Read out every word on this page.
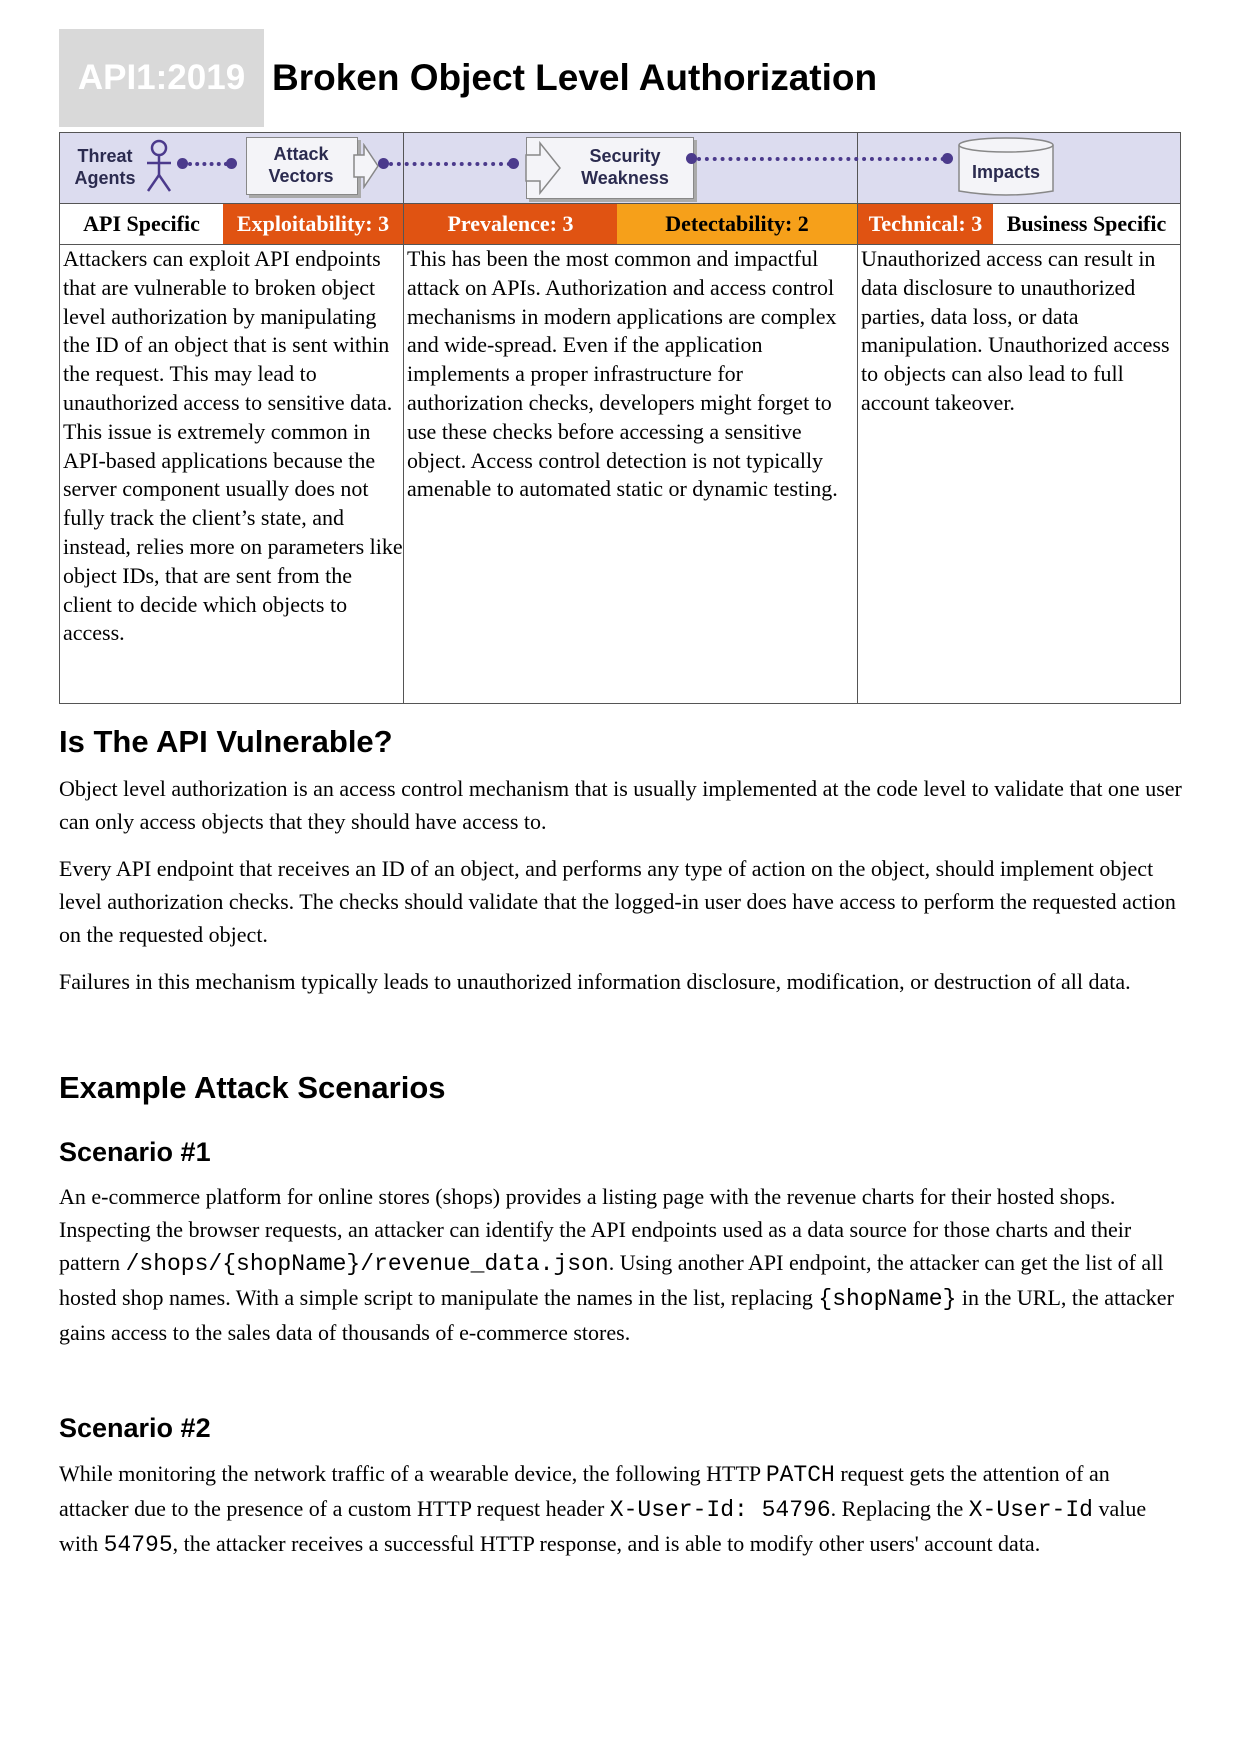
API1:2019 Broken Object Level Authorization
Threat
Agents
Attack
Vectors
Security
Weakness	Impacts
API Specific	Exploitability: 3	Prevalence: 3	Detectability: 2	Technical: 3	Business Specific
Attackers can exploit API endpoints that are vulnerable to broken object level authorization by manipulating the ID of an object that is sent within the request. This may lead to unauthorized access to sensitive data. This issue is extremely common in API-based applications because the server component usually does not fully track the client’s state, and instead, relies more on parameters like object IDs, that are sent from the client to decide which objects to access.
This has been the most common and impactful attack on APIs. Authorization and access control mechanisms in modern applications are complex and wide-spread. Even if the application implements a proper infrastructure for authorization checks, developers might forget to use these checks before accessing a sensitive object. Access control detection is not typically amenable to automated static or dynamic testing.
Unauthorized access can result in data disclosure to unauthorized parties, data loss, or data manipulation. Unauthorized access to objects can also lead to full account takeover.
Is The API Vulnerable?
Object level authorization is an access control mechanism that is usually implemented at the code level to validate that one user can only access objects that they should have access to.
Every API endpoint that receives an ID of an object, and performs any type of action on the object, should implement object level authorization checks. The checks should validate that the logged-in user does have access to perform the requested action on the requested object.
Failures in this mechanism typically leads to unauthorized information disclosure, modification, or destruction of all data.
Example Attack Scenarios
Scenario #1
An e-commerce platform for online stores (shops) provides a listing page with the revenue charts for their hosted shops. Inspecting the browser requests, an attacker can identify the API endpoints used as a data source for those charts and their pattern /shops/{shopName}/revenue_data.json. Using another API endpoint, the attacker can get the list of all hosted shop names. With a simple script to manipulate the names in the list, replacing {shopName} in the URL, the attacker gains access to the sales data of thousands of e-commerce stores.
Scenario #2
While monitoring the network traffic of a wearable device, the following HTTP PATCH request gets the attention of an attacker due to the presence of a custom HTTP request header X-User-Id: 54796. Replacing the X-User-Id value with 54795, the attacker receives a successful HTTP response, and is able to modify other users' account data.
